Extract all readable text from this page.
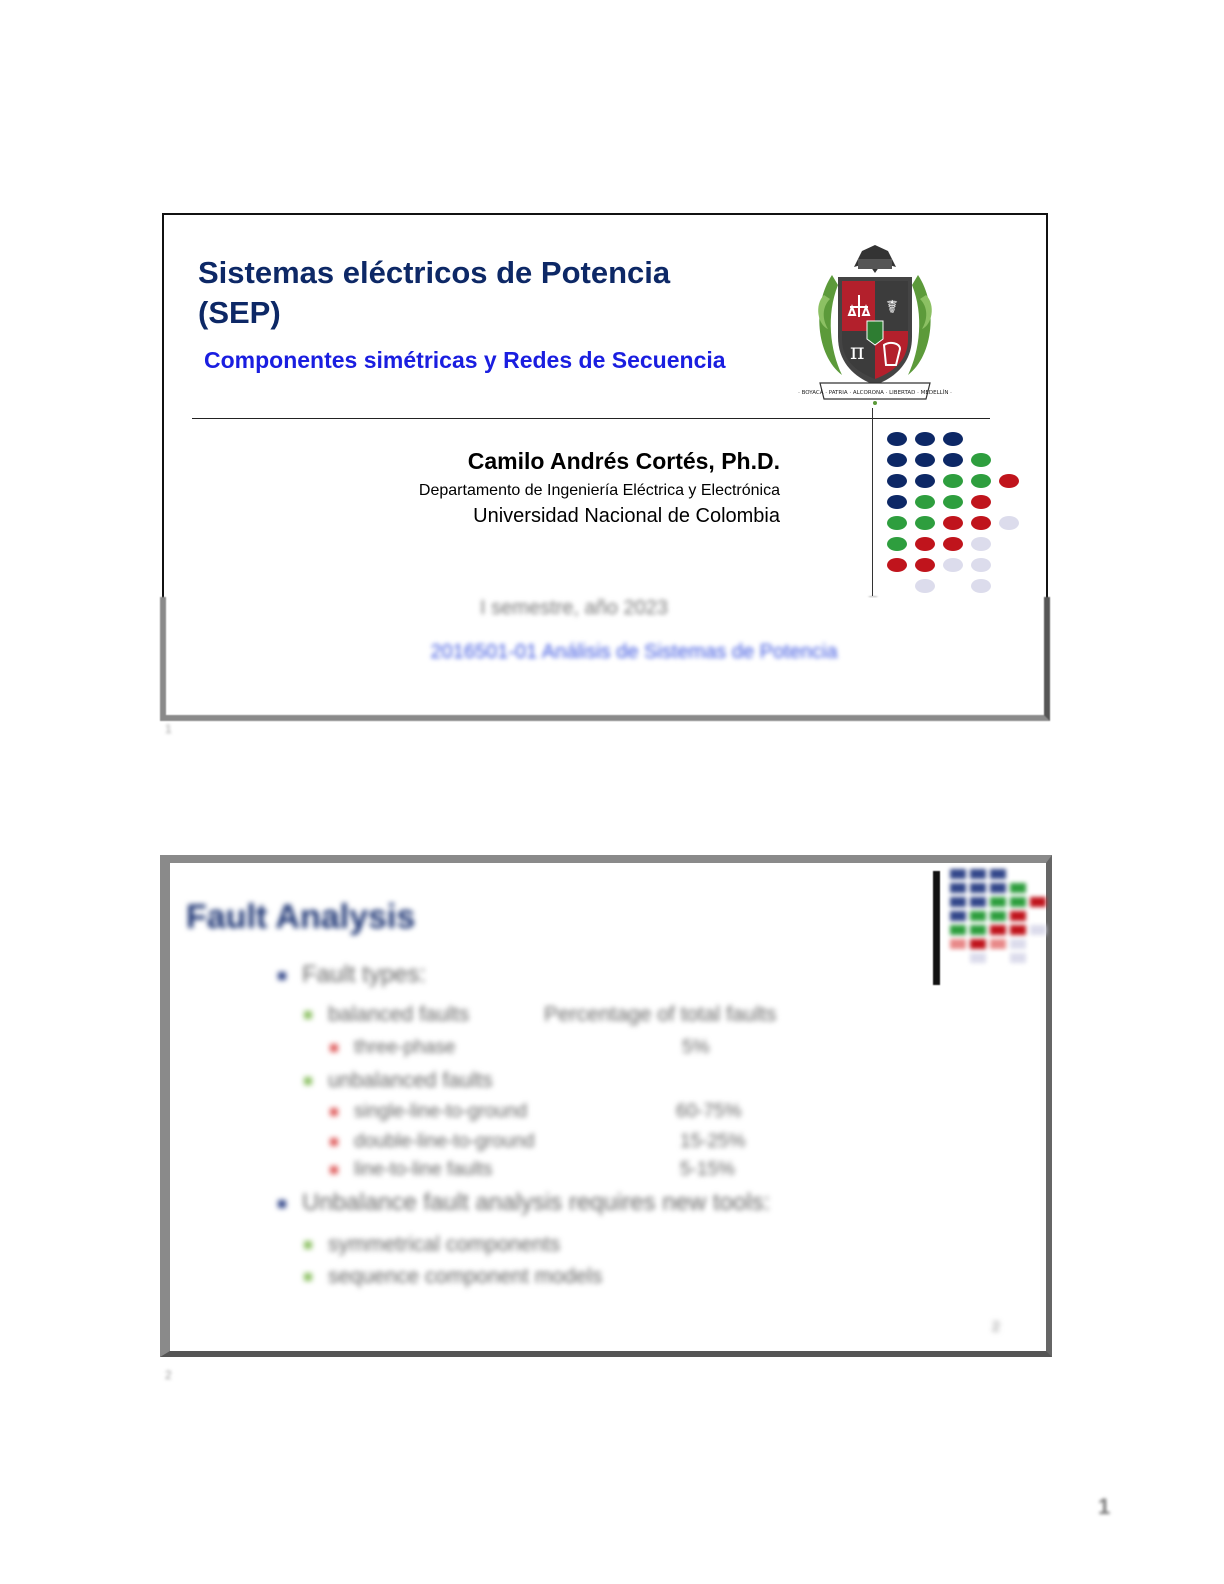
Sistemas eléctricos de Potencia
(SEP)
Componentes simétricas y Redes de Secuencia
☤
π
· BOYACÁ · PATRIA · ALCORONA · LIBERTAD · MEDELLÍN ·
Camilo Andrés Cortés, Ph.D.
Departamento de Ingeniería Eléctrica y Electrónica
Universidad Nacional de Colombia
I semestre, año 2023
2016501-01 Análisis de Sistemas de Potencia
1
Fault Analysis
Fault types:
balanced faults	Percentage of total faults
three-phase	5%
unbalanced faults
single-line-to-ground	60-75%
double-line-to-ground	15-25%
line-to-line faults	5-15%
Unbalance fault analysis requires new tools:
symmetrical components
sequence component models
2
2
1
